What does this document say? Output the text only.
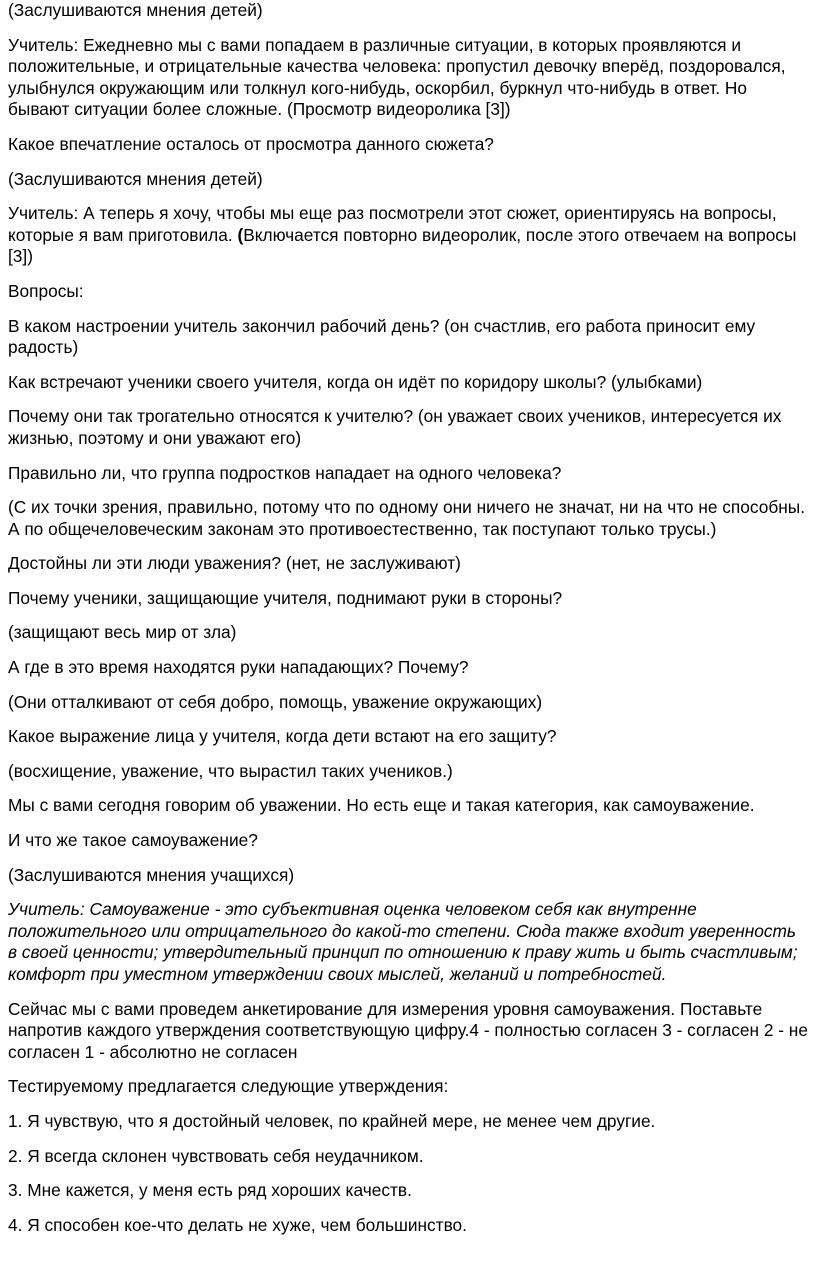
(Заслушиваются мнения детей)

Учитель: Ежедневно мы с вами попадаем в различные ситуации, в которых проявляются и положительные, и отрицательные качества человека: пропустил девочку вперёд, поздоровался, улыбнулся окружающим или толкнул кого-нибудь, оскорбил, буркнул что-нибудь в ответ. Но бывают ситуации более сложные. (Просмотр видеоролика [3])

Какое впечатление осталось от просмотра данного сюжета?

(Заслушиваются мнения детей)

Учитель: А теперь я хочу, чтобы мы еще раз посмотрели этот сюжет, ориентируясь на вопросы, которые я вам приготовила. (Включается повторно видеоролик, после этого отвечаем на вопросы [3])

Вопросы:

В каком настроении учитель закончил рабочий день? (он счастлив, его работа приносит ему радость)

Как встречают ученики своего учителя, когда он идёт по коридору школы? (улыбками)

Почему они так трогательно относятся к учителю? (он уважает своих учеников, интересуется их жизнью, поэтому и они уважают его)

Правильно ли, что группа подростков нападает на одного человека?

(С их точки зрения, правильно, потому что по одному они ничего не значат, ни на что не способны. А по общечеловеческим законам это противоестественно, так поступают только трусы.)

Достойны ли эти люди уважения? (нет, не заслуживают)

Почему ученики, защищающие учителя, поднимают руки в стороны?

(защищают весь мир от зла)

А где в это время находятся руки нападающих? Почему?

(Они отталкивают от себя добро, помощь, уважение окружающих)

Какое выражение лица у учителя, когда дети встают на его защиту?

(восхищение, уважение, что вырастил таких учеников.)

Мы с вами сегодня говорим об уважении. Но есть еще и такая категория, как самоуважение.

И что же такое самоуважение?

(Заслушиваются мнения учащихся)

Учитель: Самоуважение - это субъективная оценка человеком себя как внутренне положительного или отрицательного до какой-то степени. Сюда также входит уверенность в своей ценности; утвердительный принцип по отношению к праву жить и быть счастливым; комфорт при уместном утверждении своих мыслей, желаний и потребностей.

Сейчас мы с вами проведем анкетирование для измерения уровня самоуважения. Поставьте напротив каждого утверждения соответствующую цифру.4 - полностью согласен 3 - согласен 2 - не согласен 1 - абсолютно не согласен

Тестируемому предлагается следующие утверждения:

1. Я чувствую, что я достойный человек, по крайней мере, не менее чем другие.

2. Я всегда склонен чувствовать себя неудачником.

3. Мне кажется, у меня есть ряд хороших качеств.

4. Я способен кое-что делать не хуже, чем большинство.
